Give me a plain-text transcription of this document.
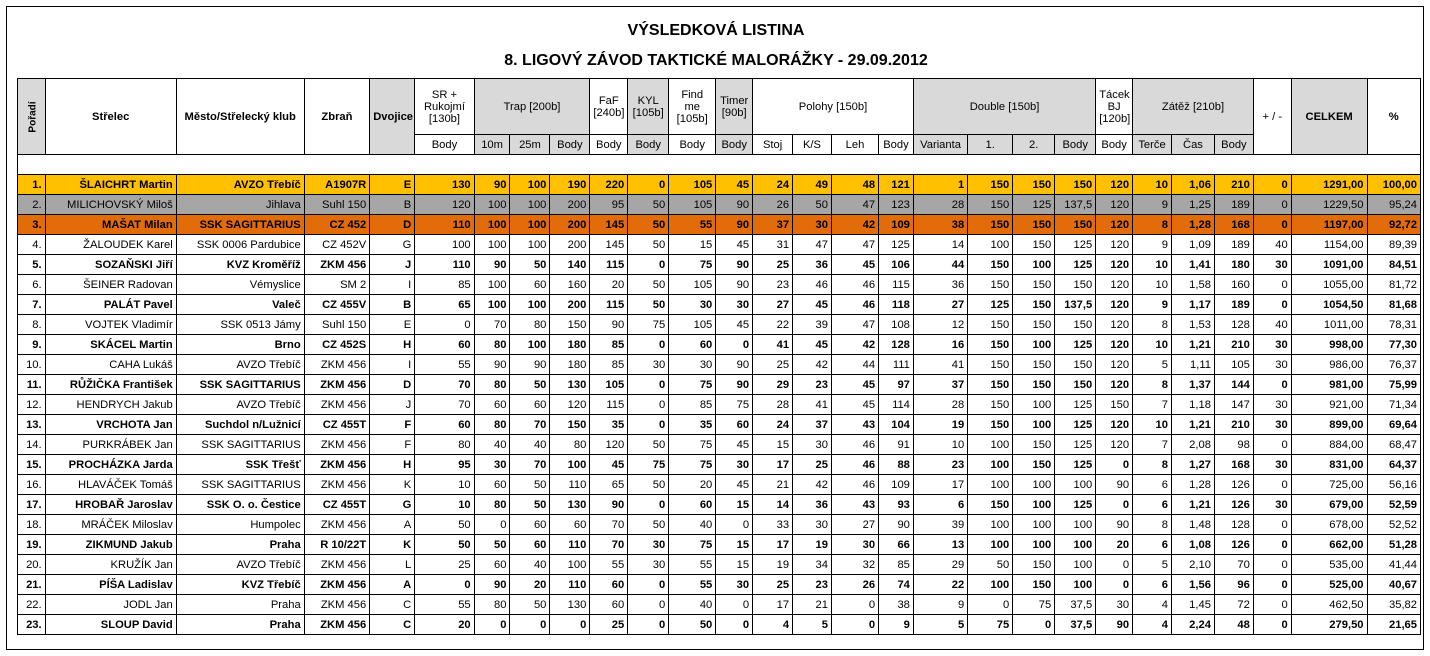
VÝSLEDKOVÁ LISTINA
8. LIGOVÝ ZÁVOD TAKTICKÉ MALORÁŽKY - 29.09.2012
Pořadí	Střelec	Město/Střelecký klub	Zbraň	Dvojice	SR + Rukojmí [130b]	Trap [200b]			FaF [240b]	KYL [105b]	Find me [105b]	Timer [90b]	Polohy [150b]				Double [150b]				Tácek BJ [120b]	Zátěž [210b]			+ / -	CELKEM	%
					Body	10m	25m	Body	Body	Body	Body	Body	Stoj	K/S	Leh	Body	Varianta	1.	2.	Body	Body	Terče	Čas	Body			

1.	ŠLAICHRT Martin	AVZO Třebíč	A1907R	E	130	90	100	190	220	0	105	45	24	49	48	121	1	150	150	150	120	10	1,06	210	0	1291,00	100,00
2.	MILICHOVSKÝ Miloš	Jihlava	Suhl 150	B	120	100	100	200	95	50	105	90	26	50	47	123	28	150	125	137,5	120	9	1,25	189	0	1229,50	95,24
3.	MAŠAT Milan	SSK SAGITTARIUS	CZ 452	D	110	100	100	200	145	50	55	90	37	30	42	109	38	150	150	150	120	8	1,28	168	0	1197,00	92,72
4.	ŽALOUDEK Karel	SSK 0006 Pardubice	CZ 452V	G	100	100	100	200	145	50	15	45	31	47	47	125	14	100	150	125	120	9	1,09	189	40	1154,00	89,39
5.	SOZAŇSKI Jiří	KVZ Kroměříž	ZKM 456	J	110	90	50	140	115	0	75	90	25	36	45	106	44	150	100	125	120	10	1,41	180	30	1091,00	84,51
6.	ŠEINER Radovan	Vémyslice	SM 2	I	85	100	60	160	20	50	105	90	23	46	46	115	36	150	150	150	120	10	1,58	160	0	1055,00	81,72
7.	PALÁT Pavel	Valeč	CZ 455V	B	65	100	100	200	115	50	30	30	27	45	46	118	27	125	150	137,5	120	9	1,17	189	0	1054,50	81,68
8.	VOJTEK Vladimír	SSK 0513 Jámy	Suhl 150	E	0	70	80	150	90	75	105	45	22	39	47	108	12	150	150	150	120	8	1,53	128	40	1011,00	78,31
9.	SKÁCEL Martin	Brno	CZ 452S	H	60	80	100	180	85	0	60	0	41	45	42	128	16	150	100	125	120	10	1,21	210	30	998,00	77,30
10.	CAHA Lukáš	AVZO Třebíč	ZKM 456	I	55	90	90	180	85	30	30	90	25	42	44	111	41	150	150	150	120	5	1,11	105	30	986,00	76,37
11.	RŮŽIČKA František	SSK SAGITTARIUS	ZKM 456	D	70	80	50	130	105	0	75	90	29	23	45	97	37	150	150	150	120	8	1,37	144	0	981,00	75,99
12.	HENDRYCH Jakub	AVZO Třebíč	ZKM 456	J	70	60	60	120	115	0	85	75	28	41	45	114	28	150	100	125	150	7	1,18	147	30	921,00	71,34
13.	VRCHOTA Jan	Suchdol n/Lužnicí	CZ 455T	F	60	80	70	150	35	0	35	60	24	37	43	104	19	150	100	125	120	10	1,21	210	30	899,00	69,64
14.	PURKRÁBEK Jan	SSK SAGITTARIUS	ZKM 456	F	80	40	40	80	120	50	75	45	15	30	46	91	10	100	150	125	120	7	2,08	98	0	884,00	68,47
15.	PROCHÁZKA Jarda	SSK Třešť	ZKM 456	H	95	30	70	100	45	75	75	30	17	25	46	88	23	100	150	125	0	8	1,27	168	30	831,00	64,37
16.	HLAVÁČEK Tomáš	SSK SAGITTARIUS	ZKM 456	K	10	60	50	110	65	50	20	45	21	42	46	109	17	100	100	100	90	6	1,28	126	0	725,00	56,16
17.	HROBAŘ Jaroslav	SSK O. o. Čestice	CZ 455T	G	10	80	50	130	90	0	60	15	14	36	43	93	6	150	100	125	0	6	1,21	126	30	679,00	52,59
18.	MRÁČEK Miloslav	Humpolec	ZKM 456	A	50	0	60	60	70	50	40	0	33	30	27	90	39	100	100	100	90	8	1,48	128	0	678,00	52,52
19.	ZIKMUND Jakub	Praha	R 10/22T	K	50	50	60	110	70	30	75	15	17	19	30	66	13	100	100	100	20	6	1,08	126	0	662,00	51,28
20.	KRUŽÍK Jan	AVZO Třebíč	ZKM 456	L	25	60	40	100	55	30	55	15	19	34	32	85	29	50	150	100	0	5	2,10	70	0	535,00	41,44
21.	PÍŠA Ladislav	KVZ Třebíč	ZKM 456	A	0	90	20	110	60	0	55	30	25	23	26	74	22	100	150	100	0	6	1,56	96	0	525,00	40,67
22.	JODL Jan	Praha	ZKM 456	C	55	80	50	130	60	0	40	0	17	21	0	38	9	0	75	37,5	30	4	1,45	72	0	462,50	35,82
23.	SLOUP David	Praha	ZKM 456	C	20	0	0	0	25	0	50	0	4	5	0	9	5	75	0	37,5	90	4	2,24	48	0	279,50	21,65
